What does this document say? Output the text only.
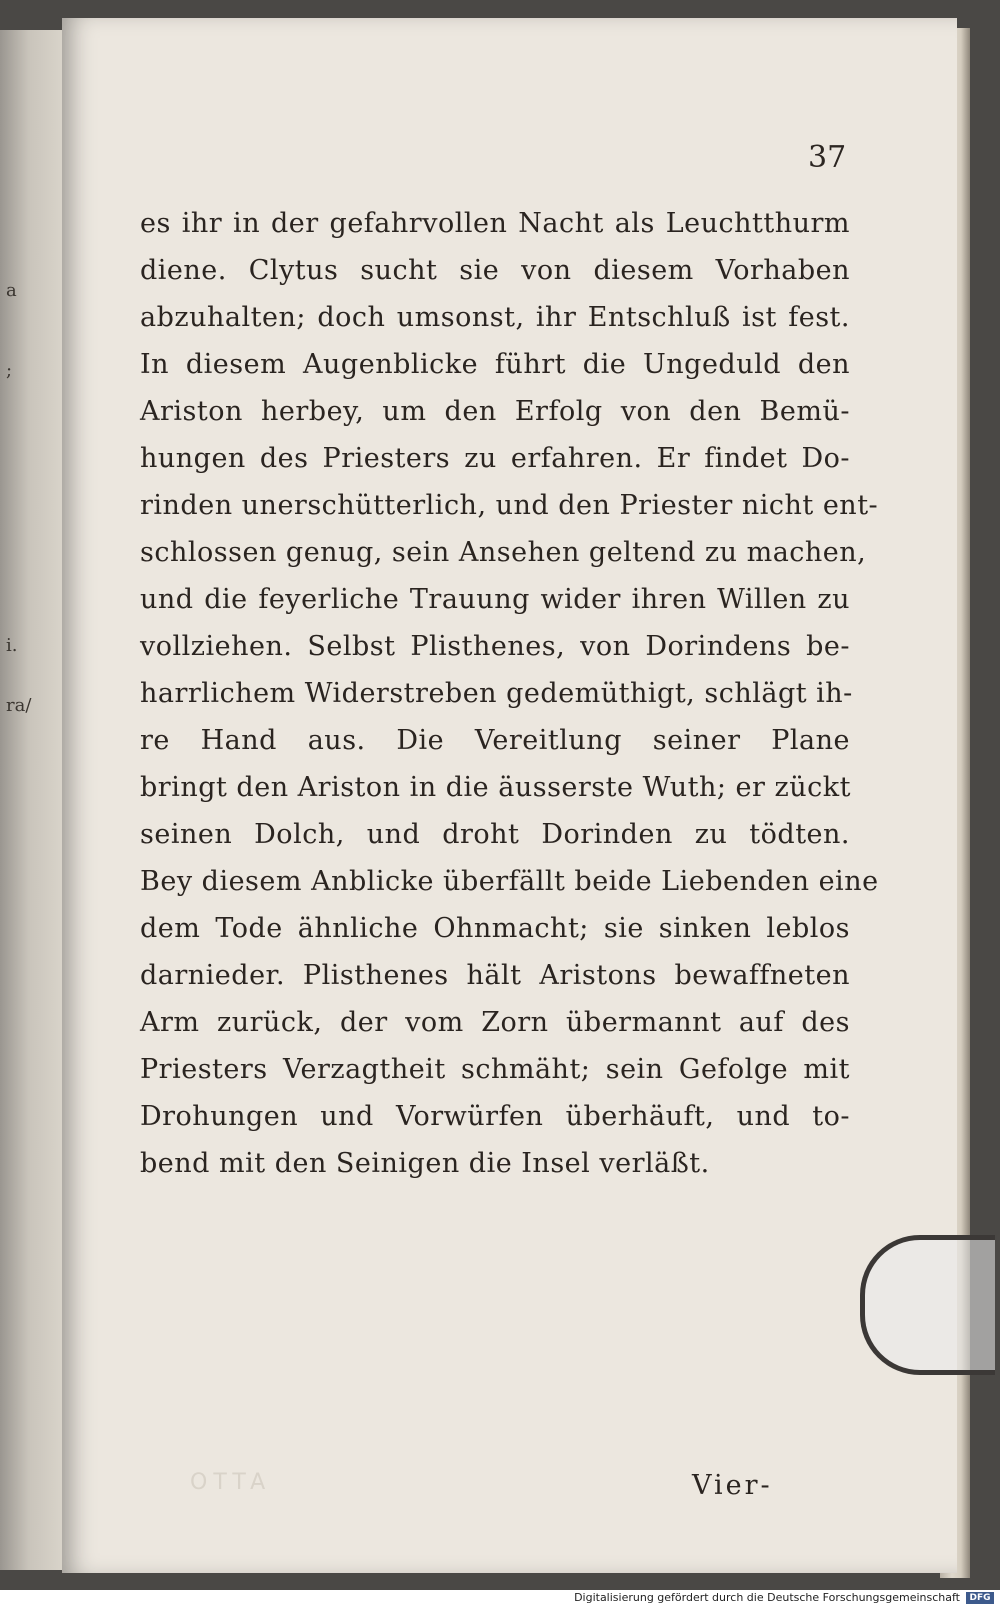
a
;
i.
ra/
37
es ihr in der gefahrvollen Nacht als Leuchtthurm
diene. Clytus sucht sie von diesem Vorhaben
abzuhalten; doch umsonst, ihr Entschluß ist fest.
In diesem Augenblicke führt die Ungeduld den
Ariston herbey, um den Erfolg von den Bemü-
hungen des Priesters zu erfahren. Er findet Do-
rinden unerschütterlich, und den Priester nicht ent-
schlossen genug, sein Ansehen geltend zu machen,
und die feyerliche Trauung wider ihren Willen zu
vollziehen. Selbst Plisthenes, von Dorindens be-
harrlichem Widerstreben gedemüthigt, schlägt ih-
re Hand aus. Die Vereitlung seiner Plane
bringt den Ariston in die äusserste Wuth; er zückt
seinen Dolch, und droht Dorinden zu tödten.
Bey diesem Anblicke überfällt beide Liebenden eine
dem Tode ähnliche Ohnmacht; sie sinken leblos
darnieder. Plisthenes hält Aristons bewaffneten
Arm zurück, der vom Zorn übermannt auf des
Priesters Verzagtheit schmäht; sein Gefolge mit
Drohungen und Vorwürfen überhäuft, und to-
bend mit den Seinigen die Insel verläßt.
OTTA	Vier-
Digitalisierung gefördert durch die Deutsche Forschungsgemeinschaft	DFG
